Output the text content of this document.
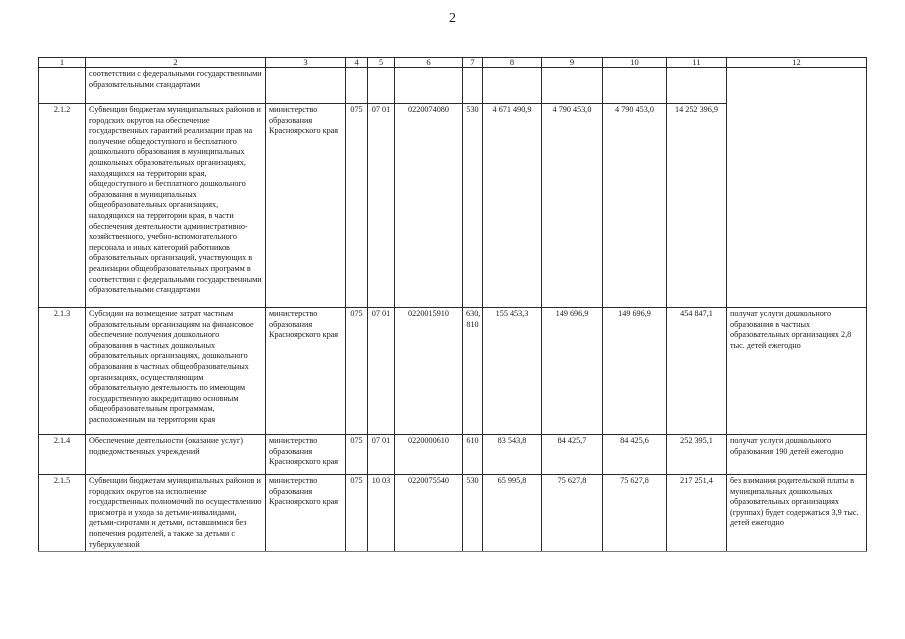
2
1	2	3	4	5	6	7	8	9	10	11	12
	соответствии с федеральными государственными образовательными стандартами										
2.1.2	Субвенции бюджетам муниципальных районов и городских округов на обеспечение государственных гарантий реализации прав на получение общедоступного и бесплатного дошкольного образования в муниципальных дошкольных образовательных организациях, находящихся на территории края, общедоступного и бесплатного дошкольного образования в муниципальных общеобразовательных организациях, находящихся на территории края, в части обеспечения деятельности административно-хозяйственного, учебно-вспомогательного персонала и иных категорий работников образовательных организаций, участвующих в реализации общеобразовательных программ в соответствии с федеральными государственными образовательными стандартами	министерство образования Красноярского края	075	07 01	0220074080	530	4 671 490,9	4 790 453,0	4 790 453,0	14 252 396,9	
2.1.3	Субсидии на возмещение затрат частным образовательным организациям на финансовое обеспечение получения дошкольного образования в частных дошкольных образовательных организациях, дошкольного образования в частных общеобразовательных организациях, осуществляющим образовательную деятельность по имеющим государственную аккредитацию основным общеобразовательным программам, расположенным на территории края	министерство образования Красноярского края	075	07 01	0220015910	630, 810	155 453,3	149 696,9	149 696,9	454 847,1	получат услуги дошкольного образования в частных образовательных организациях 2,8 тыс. детей ежегодно
2.1.4	Обеспечение деятельности (оказание услуг) подведомственных учреждений	министерство образования Красноярского края	075	07 01	0220000610	610	83 543,8	84 425,7	84 425,6	252 395,1	получат услуги дошкольного образования 190 детей ежегодно
2.1.5	Субвенции бюджетам муниципальных районов и городских округов на исполнение государственных полномочий по осуществлению присмотра и ухода за детьми-инвалидами, детьми-сиротами и детьми, оставшимися без попечения родителей, а также за детьми с туберкулезной	министерство образования Красноярского края	075	10 03	0220075540	530	65 995,8	75 627,8	75 627,8	217 251,4	без взимания родительской платы в муниципальных дошкольных образовательных организациях (группах) будет содержаться 3,9 тыс. детей ежегодно
